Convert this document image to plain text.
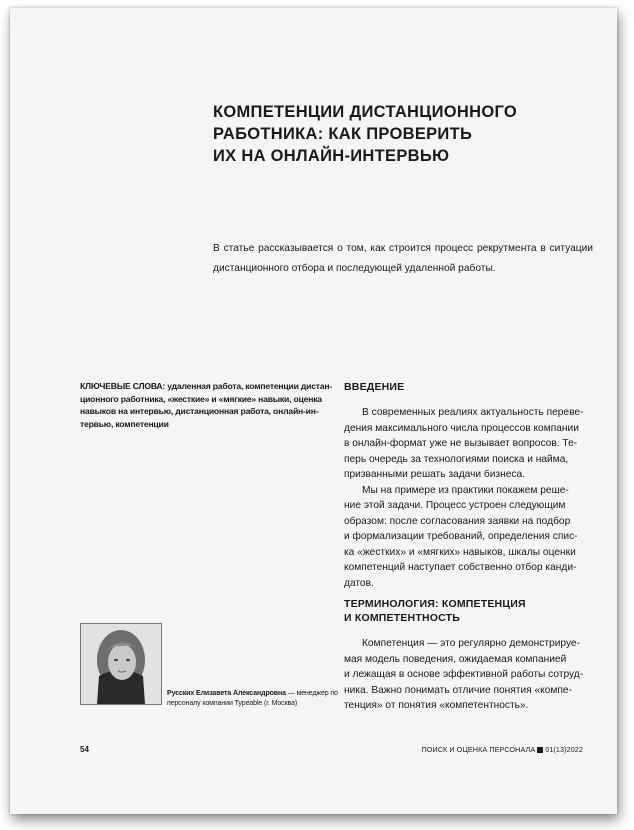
КОМПЕТЕНЦИИ ДИСТАНЦИОННОГО
РАБОТНИКА: КАК ПРОВЕРИТЬ
ИХ НА ОНЛАЙН-ИНТЕРВЬЮ

В статье рассказывается о том, как строится процесс рекрутмента в ситуации дистанционного отбора и последующей удаленной работы.

КЛЮЧЕВЫЕ СЛОВА: удаленная работа, компетенции дистан-
ционного работника, «жесткие» и «мягкие» навыки, оценка
навыков на интервью, дистанционная работа, онлайн-ин-
тервью, компетенции

ВВЕДЕНИЕ

В современных реалиях актуальность переве-
дения максимального числа процессов компании
в онлайн-формат уже не вызывает вопросов. Те-
перь очередь за технологиями поиска и найма,
призванными решать задачи бизнеса.

Мы на примере из практики покажем реше-
ние этой задачи. Процесс устроен следующим
образом: после согласования заявки на подбор
и формализации требований, определения спис-
ка «жестких» и «мягких» навыков, шкалы оценки
компетенций наступает собственно отбор канди-
датов.

ТЕРМИНОЛОГИЯ: КОМПЕТЕНЦИЯ
И КОМПЕТЕНТНОСТЬ

Компетенция — это регулярно демонстрируе-
мая модель поведения, ожидаемая компанией
и лежащая в основе эффективной работы сотруд-
ника. Важно понимать отличие понятия «компе-
тенция» от понятия «компетентность».

Русских Елизавета Александровна — менеджер по
персоналу компании Typeable (г. Москва)

54	ПОИСК И ОЦЕНКА ПЕРСОНАЛА 01(13)2022
